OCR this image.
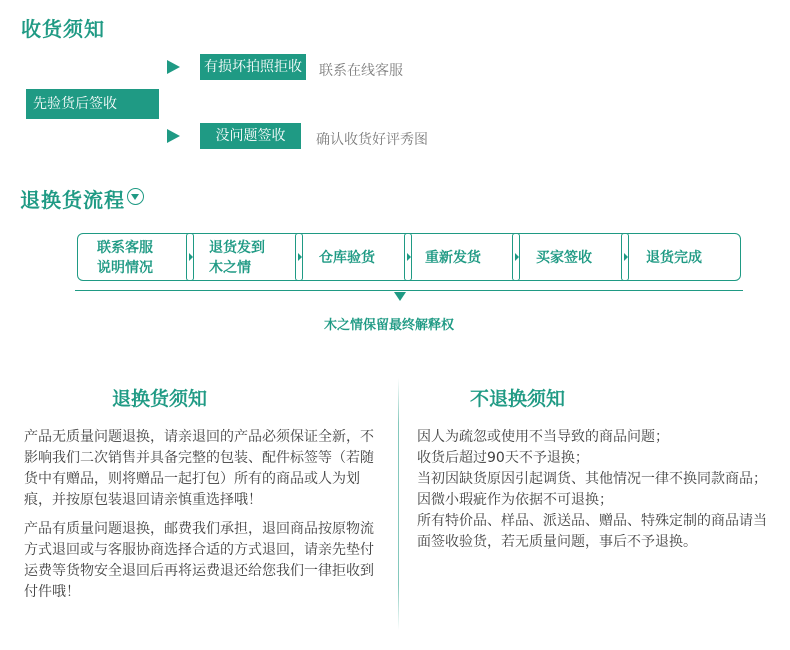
收货须知
先验货后签收
有损坏拍照拒收 联系在线客服
没问题签收	确认收货好评秀图
退换货流程
联系客服
说明情况
退货发到
木之情
仓库验货	重新发货	买家签收	退货完成
木之情保留最终解释权
退换货须知	不退换须知

产品无质量问题退换，请亲退回的产品必须保证全新，不影响我们二次销售并具备完整的包装、配件标签等（若随货中有赠品，则将赠品一起打包）所有的商品或人为划痕，并按原包装退回请亲慎重选择哦！

产品有质量问题退换，邮费我们承担，退回商品按原物流方式退回或与客服协商选择合适的方式退回，请亲先垫付运费等货物安全退回后再将运费退还给您我们一律拒收到付件哦！

因人为疏忽或使用不当导致的商品问题；
收货后超过90天不予退换；
当初因缺货原因引起调货、其他情况一律不换同款商品；
因微小瑕疵作为依据不可退换；
所有特价品、样品、派送品、赠品、特殊定制的商品请当面签收验货，若无质量问题，事后不予退换。
